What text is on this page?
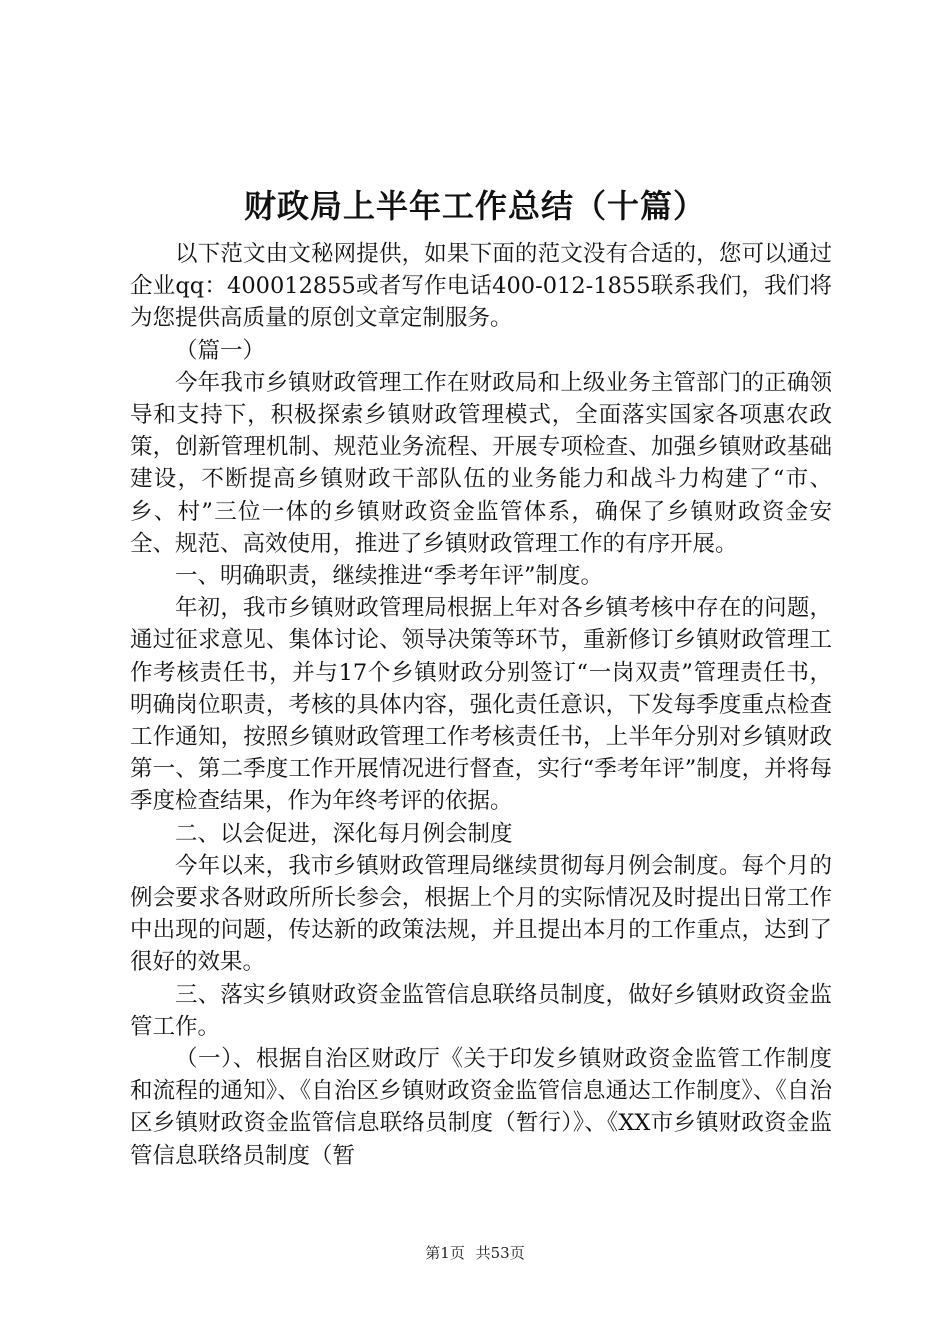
财政局上半年工作总结（十篇）

以下范文由文秘网提供，如果下面的范文没有合适的，您可以通过企业qq：400012855或者写作电话400-012-1855联系我们，我们将为您提供高质量的原创文章定制服务。

（篇一）

今年我市乡镇财政管理工作在财政局和上级业务主管部门的正确领导和支持下，积极探索乡镇财政管理模式，全面落实国家各项惠农政策，创新管理机制、规范业务流程、开展专项检查、加强乡镇财政基础建设，不断提高乡镇财政干部队伍的业务能力和战斗力构建了“市、乡、村”三位一体的乡镇财政资金监管体系，确保了乡镇财政资金安全、规范、高效使用，推进了乡镇财政管理工作的有序开展。

一、明确职责，继续推进“季考年评”制度。

年初，我市乡镇财政管理局根据上年对各乡镇考核中存在的问题，通过征求意见、集体讨论、领导决策等环节，重新修订乡镇财政管理工作考核责任书，并与17个乡镇财政分别签订“一岗双责”管理责任书，明确岗位职责，考核的具体内容，强化责任意识，下发每季度重点检查工作通知，按照乡镇财政管理工作考核责任书，上半年分别对乡镇财政第一、第二季度工作开展情况进行督查，实行“季考年评”制度，并将每季度检查结果，作为年终考评的依据。

二、以会促进，深化每月例会制度

今年以来，我市乡镇财政管理局继续贯彻每月例会制度。每个月的例会要求各财政所所长参会，根据上个月的实际情况及时提出日常工作中出现的问题，传达新的政策法规，并且提出本月的工作重点，达到了很好的效果。

三、落实乡镇财政资金监管信息联络员制度，做好乡镇财政资金监管工作。

（一）、根据自治区财政厅《关于印发乡镇财政资金监管工作制度和流程的通知》、《自治区乡镇财政资金监管信息通达工作制度》、《自治区乡镇财政资金监管信息联络员制度（暂行）》、《XX市乡镇财政资金监管信息联络员制度（暂

第1页 共53页
